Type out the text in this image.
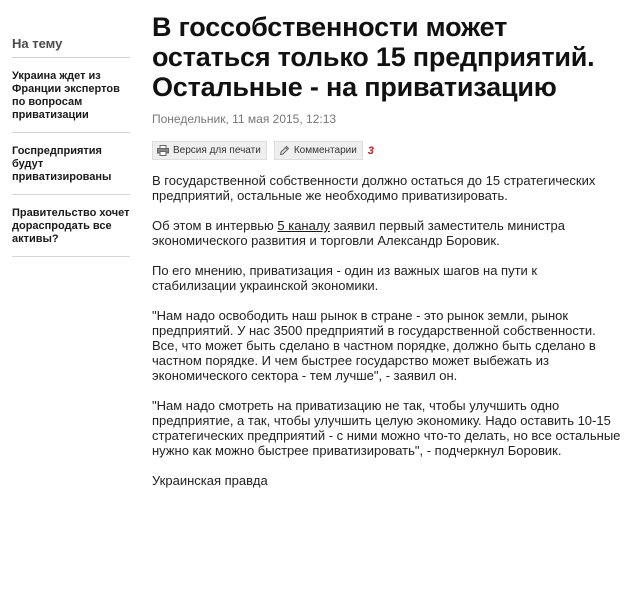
На тему
Украина ждет из Франции экспертов по вопросам приватизации
Госпредприятия будут приватизированы
Правительство хочет дораспродать все активы?
В госсобственности может остаться только 15 предприятий. Остальные - на приватизацию
Понедельник, 11 мая 2015, 12:13
Версия для печати	Комментарии 3

В государственной собственности должно остаться до 15 стратегических предприятий, остальные же необходимо приватизировать.

Об этом в интервью 5 каналу заявил первый заместитель министра экономического развития и торговли Александр Боровик.

По его мнению, приватизация - один из важных шагов на пути к стабилизации украинской экономики.

"Нам надо освободить наш рынок в стране - это рынок земли, рынок предприятий. У нас 3500 предприятий в государственной собственности. Все, что может быть сделано в частном порядке, должно быть сделано в частном порядке. И чем быстрее государство может выбежать из экономического сектора - тем лучше", - заявил он.

"Нам надо смотреть на приватизацию не так, чтобы улучшить одно предприятие, а так, чтобы улучшить целую экономику. Надо оставить 10-15 стратегических предприятий - с ними можно что-то делать, но все остальные нужно как можно быстрее приватизировать", - подчеркнул Боровик.

Украинская правда
